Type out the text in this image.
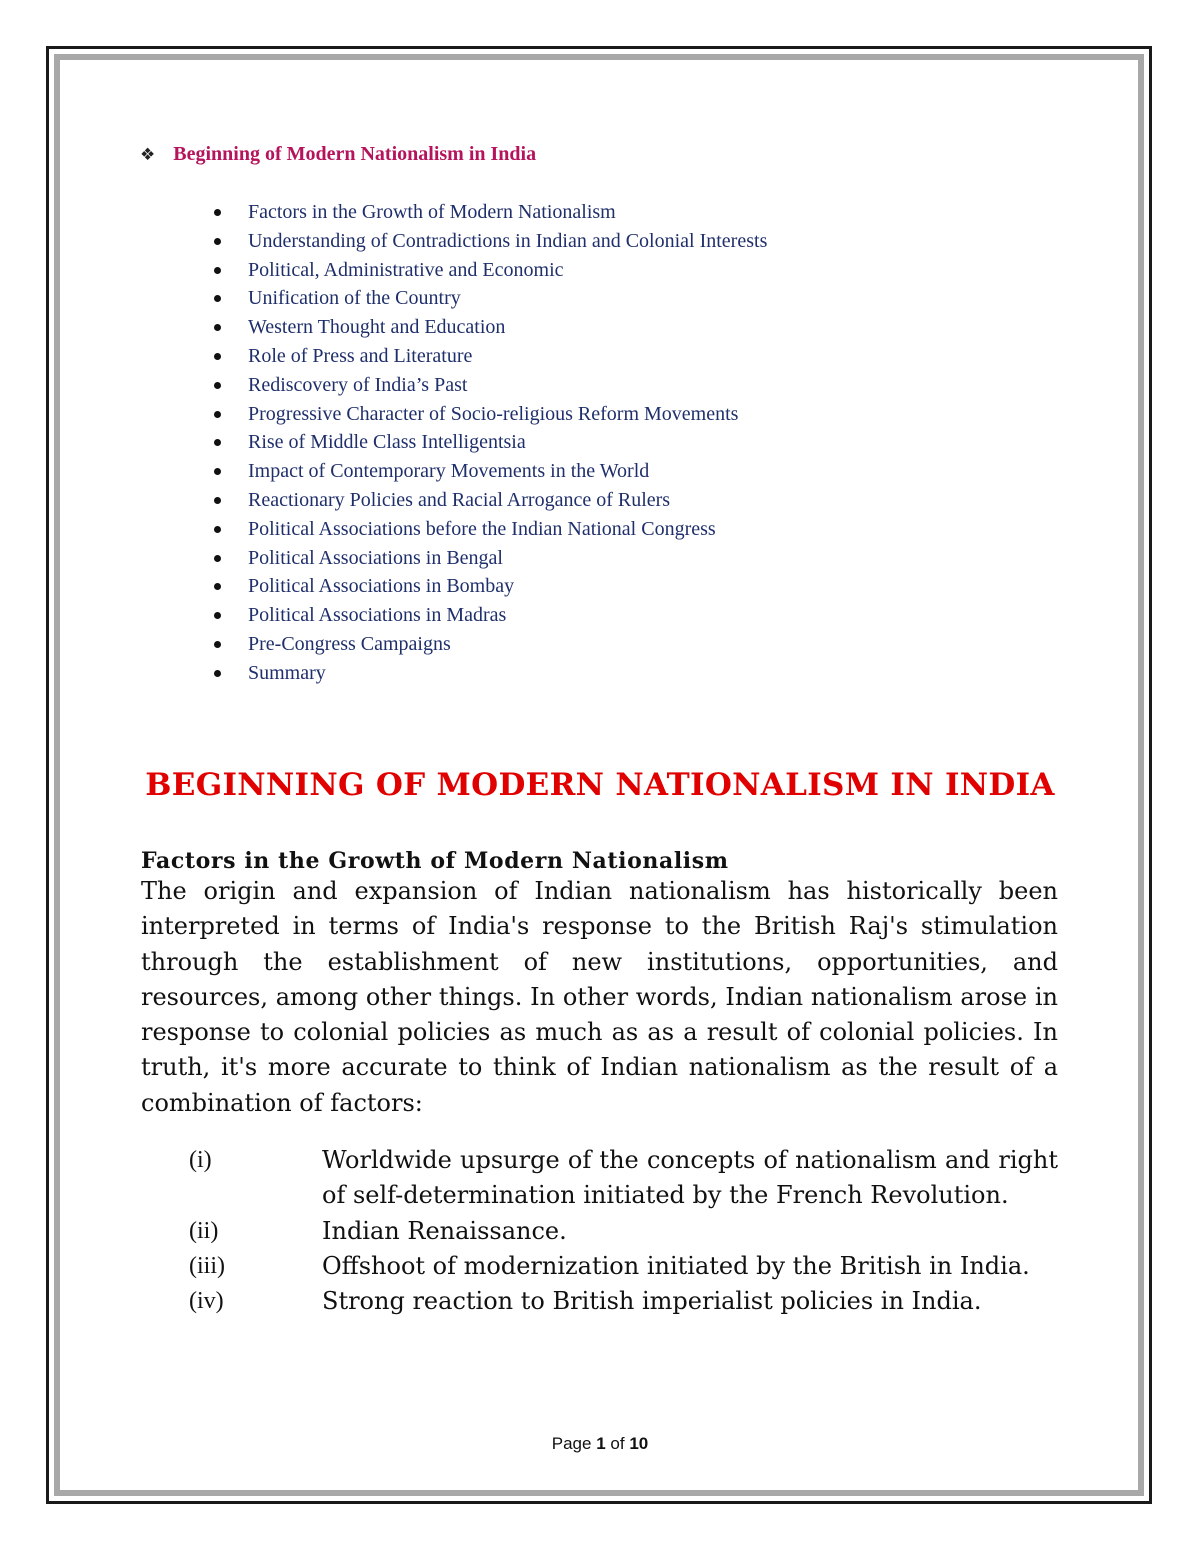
❖ Beginning of Modern Nationalism in India
Factors in the Growth of Modern Nationalism
Understanding of Contradictions in Indian and Colonial Interests
Political, Administrative and Economic
Unification of the Country
Western Thought and Education
Role of Press and Literature
Rediscovery of India’s Past
Progressive Character of Socio-religious Reform Movements
Rise of Middle Class Intelligentsia
Impact of Contemporary Movements in the World
Reactionary Policies and Racial Arrogance of Rulers
Political Associations before the Indian National Congress
Political Associations in Bengal
Political Associations in Bombay
Political Associations in Madras
Pre-Congress Campaigns
Summary
BEGINNING OF MODERN NATIONALISM IN INDIA
Factors in the Growth of Modern Nationalism

The origin and expansion of Indian nationalism has historically been interpreted in terms of India's response to the British Raj's stimulation through the establishment of new institutions, opportunities, and resources, among other things. In other words, Indian nationalism arose in response to colonial policies as much as as a result of colonial policies. In truth, it's more accurate to think of Indian nationalism as the result of a combination of factors:

(i)	Worldwide upsurge of the concepts of nationalism and right of self-determination initiated by the French Revolution.
(ii)	Indian Renaissance.
(iii)	Offshoot of modernization initiated by the British in India.
(iv)	Strong reaction to British imperialist policies in India.
Page 1 of 10
